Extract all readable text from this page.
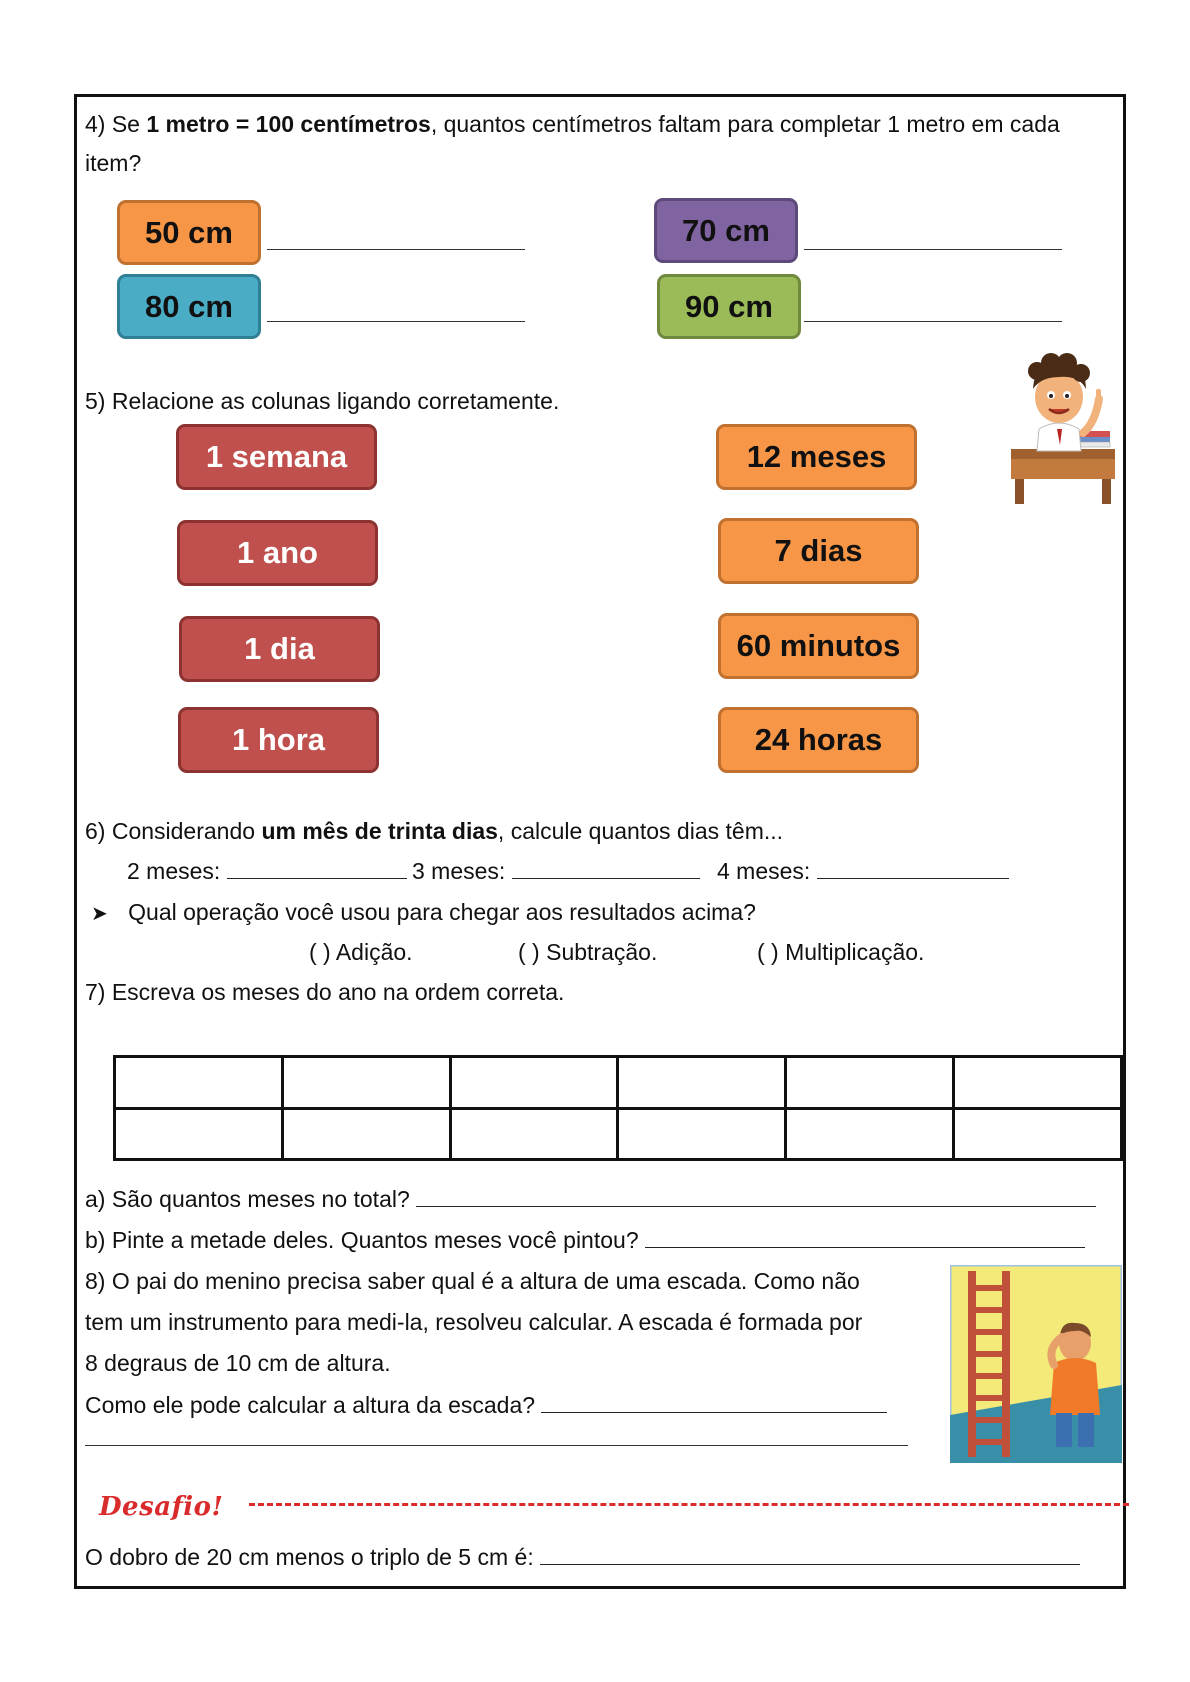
4) Se 1 metro = 100 centímetros, quantos centímetros faltam para completar 1 metro em cada item?
50 cm	70 cm
80 cm	90 cm
5) Relacione as colunas ligando corretamente.
1 semana
1 ano
1 dia
1 hora
12 meses
7 dias
60 minutos
24 horas
6) Considerando um mês de trinta dias, calcule quantos dias têm...
2 meses:	3 meses:	4 meses:
➤ Qual operação você usou para chegar aos resultados acima?
( ) Adição.	( ) Subtração.	( ) Multiplicação.
7) Escreva os meses do ano na ordem correta.

a) São quantos meses no total?
b) Pinte a metade deles. Quantos meses você pintou?
8) O pai do menino precisa saber qual é a altura de uma escada. Como não
tem um instrumento para medi-la, resolveu calcular. A escada é formada por
8 degraus de 10 cm de altura.
Como ele pode calcular a altura da escada?
Desafio!
O dobro de 20 cm menos o triplo de 5 cm é:
